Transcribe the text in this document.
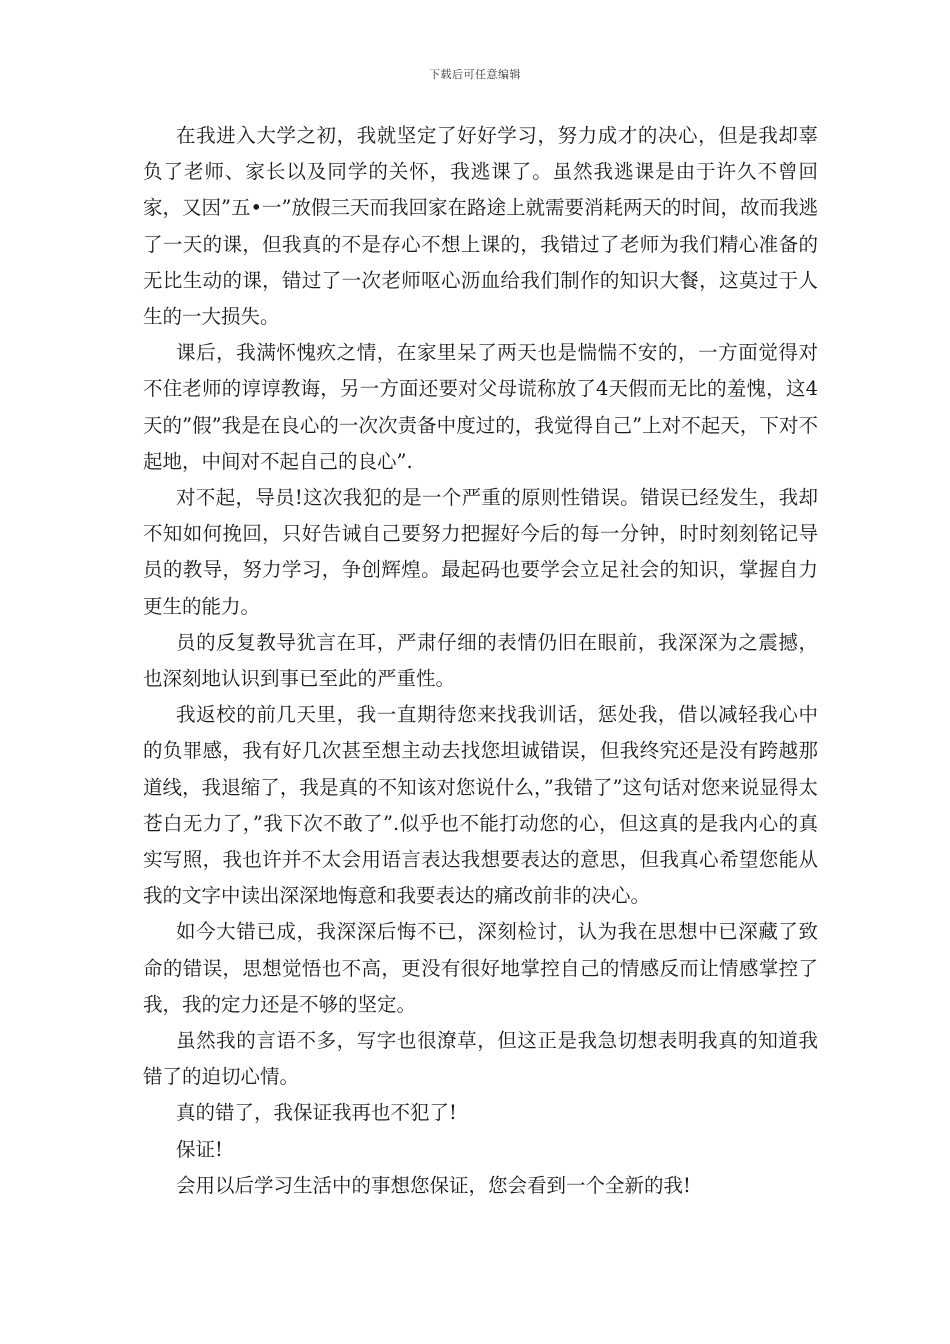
下载后可任意编辑

在我进入大学之初，我就坚定了好好学习，努力成才的决心，但是我却辜负了老师、家长以及同学的关怀，我逃课了。虽然我逃课是由于许久不曾回家，又因”五•一”放假三天而我回家在路途上就需要消耗两天的时间，故而我逃了一天的课，但我真的不是存心不想上课的，我错过了老师为我们精心准备的无比生动的课，错过了一次老师呕心沥血给我们制作的知识大餐，这莫过于人生的一大损失。

课后，我满怀愧疚之情，在家里呆了两天也是惴惴不安的，一方面觉得对不住老师的谆谆教诲，另一方面还要对父母谎称放了4天假而无比的羞愧，这4天的”假”我是在良心的一次次责备中度过的，我觉得自己”上对不起天，下对不起地，中间对不起自己的良心”.

对不起，导员!这次我犯的是一个严重的原则性错误。错误已经发生，我却不知如何挽回，只好告诫自己要努力把握好今后的每一分钟，时时刻刻铭记导员的教导，努力学习，争创辉煌。最起码也要学会立足社会的知识，掌握自力更生的能力。

员的反复教导犹言在耳，严肃仔细的表情仍旧在眼前，我深深为之震撼，也深刻地认识到事已至此的严重性。

我返校的前几天里，我一直期待您来找我训话，惩处我，借以减轻我心中的负罪感，我有好几次甚至想主动去找您坦诚错误，但我终究还是没有跨越那道线，我退缩了，我是真的不知该对您说什么，”我错了”这句话对您来说显得太苍白无力了，”我下次不敢了”.似乎也不能打动您的心，但这真的是我内心的真实写照，我也许并不太会用语言表达我想要表达的意思，但我真心希望您能从我的文字中读出深深地悔意和我要表达的痛改前非的决心。

如今大错已成，我深深后悔不已，深刻检讨，认为我在思想中已深藏了致命的错误，思想觉悟也不高，更没有很好地掌控自己的情感反而让情感掌控了我，我的定力还是不够的坚定。

虽然我的言语不多，写字也很潦草，但这正是我急切想表明我真的知道我错了的迫切心情。

真的错了，我保证我再也不犯了!

保证!

会用以后学习生活中的事想您保证，您会看到一个全新的我!
